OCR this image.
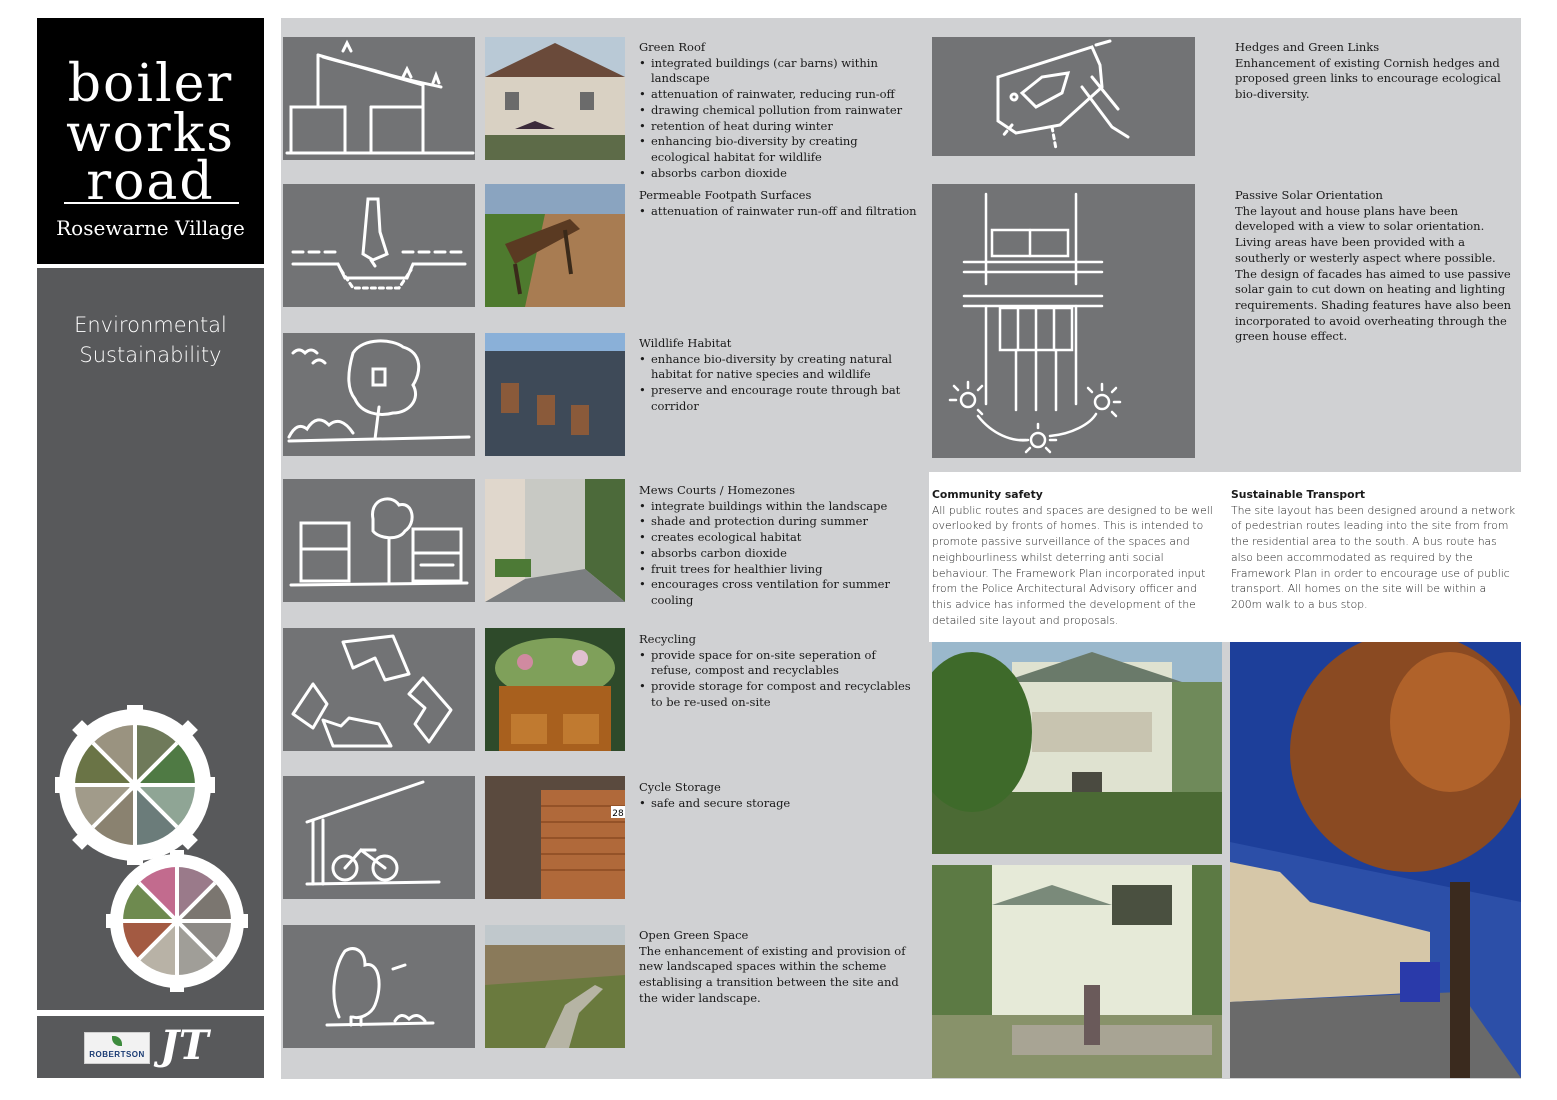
boiler
works
road
Rosewarne Village
Environmental
Sustainability
ROBERTSON JT
Green Roof
• integrated buildings (car barns) within landscape
• attenuation of rainwater, reducing run-off
• drawing chemical pollution from rainwater
• retention of heat during winter
• enhancing bio-diversity by creating ecological habitat for wildlife
• absorbs carbon dioxide
Permeable Footpath Surfaces
• attenuation of rainwater run-off and filtration
Wildlife Habitat
• enhance bio-diversity by creating natural habitat for native species and wildlife
• preserve and encourage route through bat corridor
Mews Courts / Homezones
• integrate buildings within the landscape
• shade and protection during summer
• creates ecological habitat
• absorbs carbon dioxide
• fruit trees for healthier living
• encourages cross ventilation for summer cooling
Recycling
• provide space for on-site seperation of refuse, compost and recyclables
• provide storage for compost and recyclables to be re-used on-site
28
Cycle Storage
• safe and secure storage
Open Green Space
The enhancement of existing and provision of new landscaped spaces within the scheme establising a transition between the site and the wider landscape.
Hedges and Green Links
Enhancement of existing Cornish hedges and proposed green links to encourage ecological bio-diversity.
Passive Solar Orientation
The layout and house plans have been developed with a view to solar orientation. Living areas have been provided with a southerly or westerly aspect where possible. The design of facades has aimed to use passive solar gain to cut down on heating and lighting requirements. Shading features have also been incorporated to avoid overheating through the green house effect.
Community safety
All public routes and spaces are designed to be well overlooked by fronts of homes. This is intended to promote passive surveillance of the spaces and neighbourliness whilst deterring anti social behaviour. The Framework Plan incorporated input from the Police Architectural Advisory officer and this advice has informed the development of the detailed site layout and proposals.
Sustainable Transport
The site layout has been designed around a network of pedestrian routes leading into the site from from the residential area to the south. A bus route has also been accommodated as required by the Framework Plan in order to encourage use of public transport. All homes on the site will be within a 200m walk to a bus stop.
